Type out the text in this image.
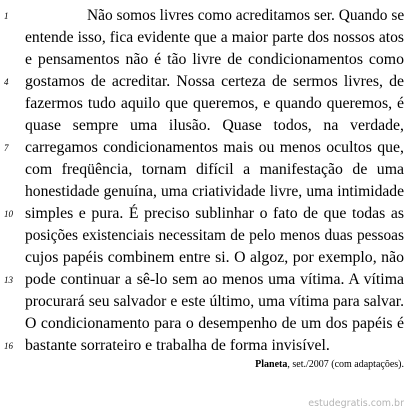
1	Não somos livres como acreditamos ser. Quando se
entende isso, fica evidente que a maior parte dos nossos atos
e pensamentos não é tão livre de condicionamentos como
4	gostamos de acreditar. Nossa certeza de sermos livres, de
fazermos tudo aquilo que queremos, e quando queremos, é
quase sempre uma ilusão. Quase todos, na verdade,
7	carregamos condicionamentos mais ou menos ocultos que,
com freqüência, tornam difícil a manifestação de uma
honestidade genuína, uma criatividade livre, uma intimidade
10 simples e pura. É preciso sublinhar o fato de que todas as
posições existenciais necessitam de pelo menos duas pessoas
cujos papéis combinem entre si. O algoz, por exemplo, não
13 pode continuar a sê-lo sem ao menos uma vítima. A vítima
procurará seu salvador e este último, uma vítima para salvar.
O condicionamento para o desempenho de um dos papéis é
16 bastante sorrateiro e trabalha de forma invisível.
Planeta, set./2007 (com adaptações).
estudegratis.com.br
